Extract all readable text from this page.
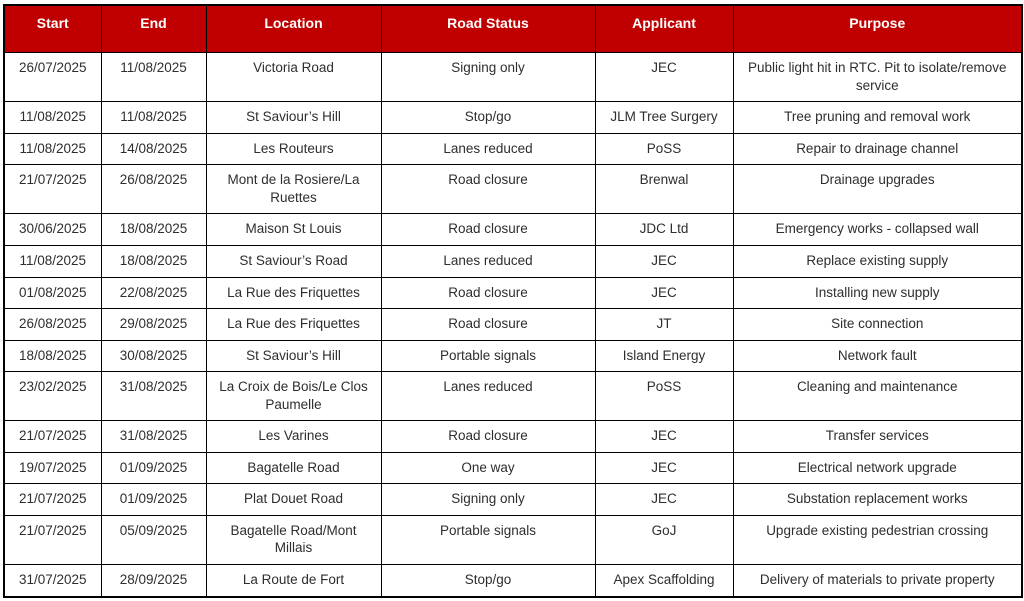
Start	End	Location	Road Status	Applicant	Purpose
26/07/2025	11/08/2025	Victoria Road	Signing only	JEC	Public light hit in RTC. Pit to isolate/remove service
11/08/2025	11/08/2025	St Saviour’s Hill	Stop/go	JLM Tree Surgery	Tree pruning and removal work
11/08/2025	14/08/2025	Les Routeurs	Lanes reduced	PoSS	Repair to drainage channel
21/07/2025	26/08/2025	Mont de la Rosiere/La Ruettes	Road closure	Brenwal	Drainage upgrades
30/06/2025	18/08/2025	Maison St Louis	Road closure	JDC Ltd	Emergency works - collapsed wall
11/08/2025	18/08/2025	St Saviour’s Road	Lanes reduced	JEC	Replace existing supply
01/08/2025	22/08/2025	La Rue des Friquettes	Road closure	JEC	Installing new supply
26/08/2025	29/08/2025	La Rue des Friquettes	Road closure	JT	Site connection
18/08/2025	30/08/2025	St Saviour’s Hill	Portable signals	Island Energy	Network fault
23/02/2025	31/08/2025	La Croix de Bois/Le Clos Paumelle	Lanes reduced	PoSS	Cleaning and maintenance
21/07/2025	31/08/2025	Les Varines	Road closure	JEC	Transfer services
19/07/2025	01/09/2025	Bagatelle Road	One way	JEC	Electrical network upgrade
21/07/2025	01/09/2025	Plat Douet Road	Signing only	JEC	Substation replacement works
21/07/2025	05/09/2025	Bagatelle Road/Mont Millais	Portable signals	GoJ	Upgrade existing pedestrian crossing
31/07/2025	28/09/2025	La Route de Fort	Stop/go	Apex Scaffolding	Delivery of materials to private property
